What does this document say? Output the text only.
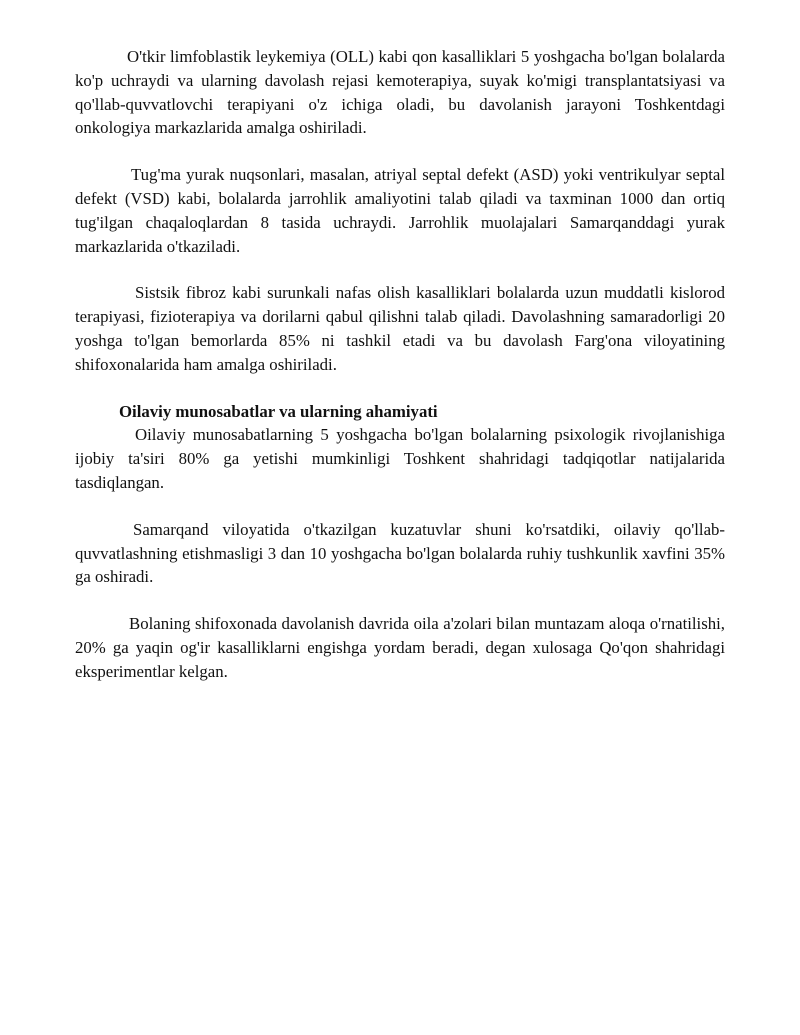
O'tkir limfoblastik leykemiya (OLL) kabi qon kasalliklari 5 yoshgacha bo'lgan bolalarda ko'p uchraydi va ularning davolash rejasi kemoterapiya, suyak ko'migi transplantatsiyasi va qo'llab-quvvatlovchi terapiyani o'z ichiga oladi, bu davolanish jarayoni Toshkentdagi onkologiya markazlarida amalga oshiriladi.

Tug'ma yurak nuqsonlari, masalan, atriyal septal defekt (ASD) yoki ventrikulyar septal defekt (VSD) kabi, bolalarda jarrohlik amaliyotini talab qiladi va taxminan 1000 dan ortiq tug'ilgan chaqaloqlardan 8 tasida uchraydi. Jarrohlik muolajalari Samarqanddagi yurak markazlarida o'tkaziladi.

Sistsik fibroz kabi surunkali nafas olish kasalliklari bolalarda uzun muddatli kislorod terapiyasi, fizioterapiya va dorilarni qabul qilishni talab qiladi. Davolashning samaradorligi 20 yoshga to'lgan bemorlarda 85% ni tashkil etadi va bu davolash Farg'ona viloyatining shifoxonalarida ham amalga oshiriladi.

Oilaviy munosabatlar va ularning ahamiyati

Oilaviy munosabatlarning 5 yoshgacha bo'lgan bolalarning psixologik rivojlanishiga ijobiy ta'siri 80% ga yetishi mumkinligi Toshkent shahridagi tadqiqotlar natijalarida tasdiqlangan.

Samarqand viloyatida o'tkazilgan kuzatuvlar shuni ko'rsatdiki, oilaviy qo'llab-quvvatlashning etishmasligi 3 dan 10 yoshgacha bo'lgan bolalarda ruhiy tushkunlik xavfini 35% ga oshiradi.

Bolaning shifoxonada davolanish davrida oila a'zolari bilan muntazam aloqa o'rnatilishi, 20% ga yaqin og'ir kasalliklarni engishga yordam beradi, degan xulosaga Qo'qon shahridagi eksperimentlar kelgan.
